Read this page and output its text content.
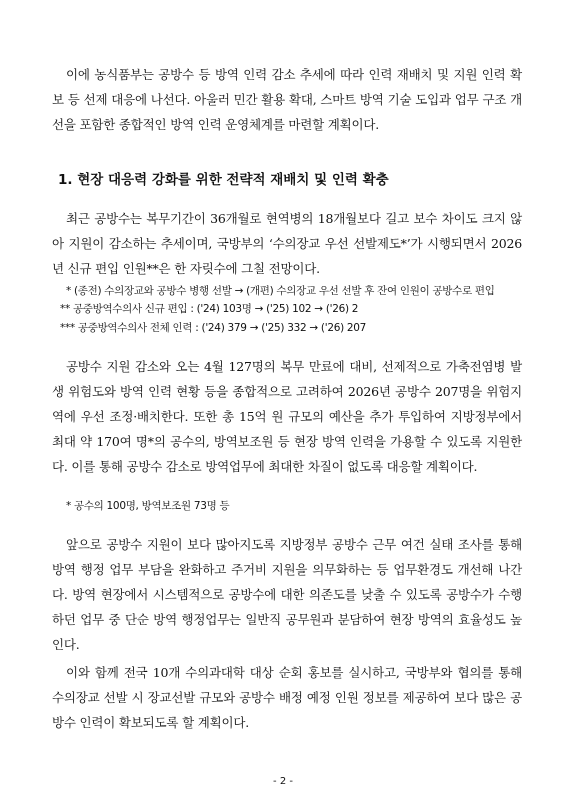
이에 농식품부는 공방수 등 방역 인력 감소 추세에 따라 인력 재배치 및 지원 인력 확보 등 선제 대응에 나선다. 아울러 민간 활용 확대, 스마트 방역 기술 도입과 업무 구조 개선을 포함한 종합적인 방역 인력 운영체계를 마련할 계획이다.

1. 현장 대응력 강화를 위한 전략적 재배치 및 인력 확충

최근 공방수는 복무기간이 36개월로 현역병의 18개월보다 길고 보수 차이도 크지 않아 지원이 감소하는 추세이며, 국방부의 ‘수의장교 우선 선발제도*’가 시행되면서 2026년 신규 편입 인원**은 한 자릿수에 그칠 전망이다.

* (종전) 수의장교와 공방수 병행 선발 → (개편) 수의장교 우선 선발 후 잔여 인원이 공방수로 편입
** 공중방역수의사 신규 편입 : ('24) 103명 → ('25) 102 → ('26) 2
*** 공중방역수의사 전체 인력 : ('24) 379 → ('25) 332 → ('26) 207

공방수 지원 감소와 오는 4월 127명의 복무 만료에 대비, 선제적으로 가축전염병 발생 위험도와 방역 인력 현황 등을 종합적으로 고려하여 2026년 공방수 207명을 위험지역에 우선 조정·배치한다. 또한 총 15억 원 규모의 예산을 추가 투입하여 지방정부에서 최대 약 170여 명*의 공수의, 방역보조원 등 현장 방역 인력을 가용할 수 있도록 지원한다. 이를 통해 공방수 감소로 방역업무에 최대한 차질이 없도록 대응할 계획이다.

* 공수의 100명, 방역보조원 73명 등

앞으로 공방수 지원이 보다 많아지도록 지방정부 공방수 근무 여건 실태 조사를 통해 방역 행정 업무 부담을 완화하고 주거비 지원을 의무화하는 등 업무환경도 개선해 나간다. 방역 현장에서 시스템적으로 공방수에 대한 의존도를 낮출 수 있도록 공방수가 수행하던 업무 중 단순 방역 행정업무는 일반직 공무원과 분담하여 현장 방역의 효율성도 높인다.

이와 함께 전국 10개 수의과대학 대상 순회 홍보를 실시하고, 국방부와 협의를 통해 수의장교 선발 시 장교선발 규모와 공방수 배정 예정 인원 정보를 제공하여 보다 많은 공방수 인력이 확보되도록 할 계획이다.

- 2 -
